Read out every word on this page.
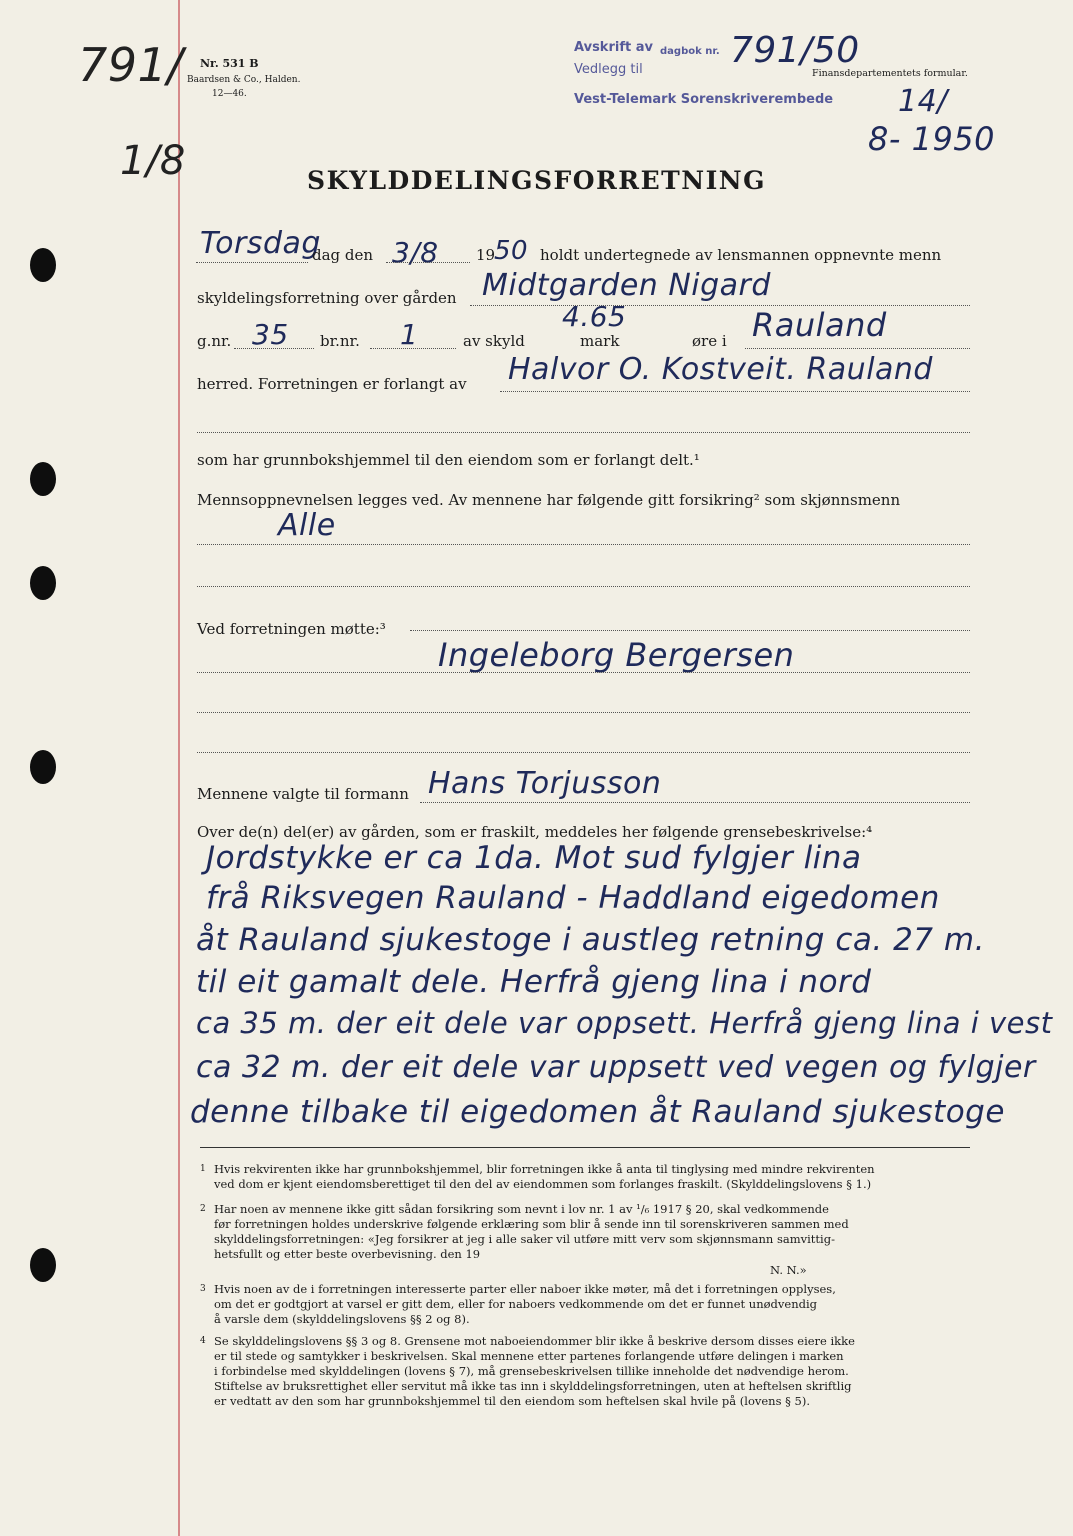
791/
1/8
Nr. 531 B
Baardsen & Co., Halden.
12—46.
Avskrift av dagbok nr.
Vedlegg til
Vest-Telemark Sorenskriverembede
791/50
Finansdepartementets formular.
14/
8- 1950
SKYLDDELINGSFORRETNING
Torsdag
dag den 3/8 19
50 holdt undertegnede av lensmannen oppnevnte menn
skyldelingsforretning over gården Midtgarden Nigard
g.nr. 35 br.nr. 1	av skyld
4.65
mark	øre i Rauland
herred. Forretningen er forlangt av Halvor O. Kostveit. Rauland
som har grunnbokshjemmel til den eiendom som er forlangt delt.¹
Mennsoppnevnelsen legges ved. Av mennene har følgende gitt forsikring² som skjønnsmenn
Alle
Ved forretningen møtte:³
Ingeleborg Bergersen
Mennene valgte til formann Hans Torjusson
Over de(n) del(er) av gården, som er fraskilt, meddeles her følgende grensebeskrivelse:⁴
Jordstykke er ca 1da. Mot sud fylgjer lina
frå Riksvegen Rauland - Haddland eigedomen
åt Rauland sjukestoge i austleg retning ca. 27 m.
til eit gamalt dele. Herfrå gjeng lina i nord
ca 35 m. der eit dele var oppsett. Herfrå gjeng lina i vest
ca 32 m. der eit dele var uppsett ved vegen og fylgjer
denne tilbake til eigedomen åt Rauland sjukestoge
1 Hvis rekvirenten ikke har grunnbokshjemmel, blir forretningen ikke å anta til tinglysing med mindre rekvirenten
ved dom er kjent eiendomsberettiget til den del av eiendommen som forlanges fraskilt. (Skylddelingslovens § 1.)
2 Har noen av mennene ikke gitt sådan forsikring som nevnt i lov nr. 1 av ¹/₆ 1917 § 20, skal vedkommende
før forretningen holdes underskrive følgende erklæring som blir å sende inn til sorenskriveren sammen med
skylddelingsforretningen: «Jeg forsikrer at jeg i alle saker vil utføre mitt verv som skjønnsmann samvittig-
hetsfullt og etter beste overbevisning. den 19
N. N.»
3 Hvis noen av de i forretningen interesserte parter eller naboer ikke møter, må det i forretningen opplyses,
om det er godtgjort at varsel er gitt dem, eller for naboers vedkommende om det er funnet unødvendig
å varsle dem (skylddelingslovens §§ 2 og 8).
4 Se skylddelingslovens §§ 3 og 8. Grensene mot naboeiendommer blir ikke å beskrive dersom disses eiere ikke
er til stede og samtykker i beskrivelsen. Skal mennene etter partenes forlangende utføre delingen i marken
i forbindelse med skylddelingen (lovens § 7), må grensebeskrivelsen tillike inneholde det nødvendige herom.
Stiftelse av bruksrettighet eller servitut må ikke tas inn i skylddelingsforretningen, uten at heftelsen skriftlig
er vedtatt av den som har grunnbokshjemmel til den eiendom som heftelsen skal hvile på (lovens § 5).
